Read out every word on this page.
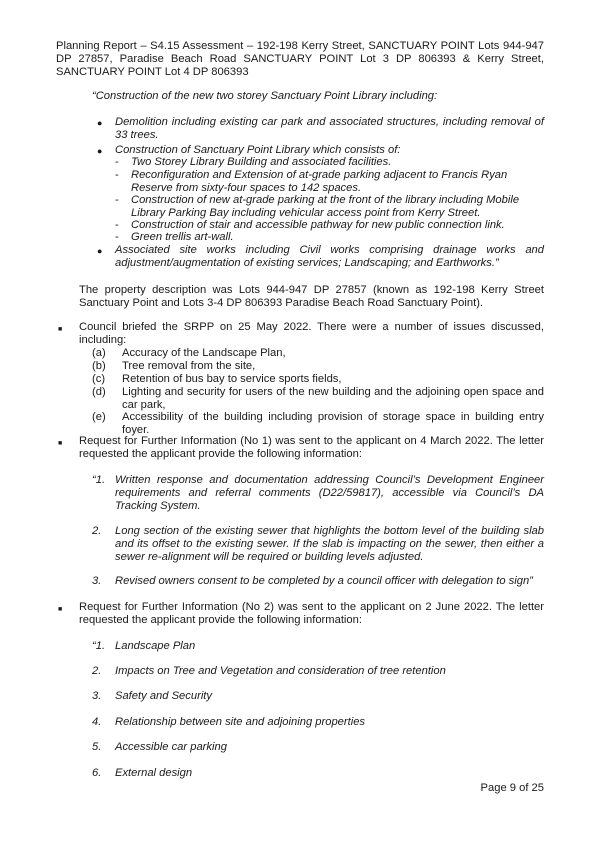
Planning Report – S4.15 Assessment – 192-198 Kerry Street, SANCTUARY POINT Lots 944-947
DP 27857, Paradise Beach Road SANCTUARY POINT Lot 3 DP 806393 & Kerry Street,
SANCTUARY POINT Lot 4 DP 806393
“Construction of the new two storey Sanctuary Point Library including:
● Demolition including existing car park and associated structures, including removal of 33 trees.
● Construction of Sanctuary Point Library which consists of:
- Two Storey Library Building and associated facilities.
- Reconfiguration and Extension of at-grade parking adjacent to Francis Ryan Reserve from sixty-four spaces to 142 spaces.
- Construction of new at-grade parking at the front of the library including Mobile Library Parking Bay including vehicular access point from Kerry Street.
- Construction of stair and accessible pathway for new public connection link.
- Green trellis art-wall.
● Associated site works including Civil works comprising drainage works and adjustment/augmentation of existing services; Landscaping; and Earthworks.”
The property description was Lots 944-947 DP 27857 (known as 192-198 Kerry Street Sanctuary Point and Lots 3-4 DP 806393 Paradise Beach Road Sanctuary Point).
■ Council briefed the SRPP on 25 May 2022. There were a number of issues discussed, including:
(a) Accuracy of the Landscape Plan,
(b) Tree removal from the site,
(c) Retention of bus bay to service sports fields,
(d) Lighting and security for users of the new building and the adjoining open space and car park,
(e) Accessibility of the building including provision of storage space in building entry foyer.
■ Request for Further Information (No 1) was sent to the applicant on 4 March 2022. The letter requested the applicant provide the following information:
“1. Written response and documentation addressing Council’s Development Engineer requirements and referral comments (D22/59817), accessible via Council’s DA Tracking System.
2. Long section of the existing sewer that highlights the bottom level of the building slab and its offset to the existing sewer. If the slab is impacting on the sewer, then either a sewer re-alignment will be required or building levels adjusted.
3. Revised owners consent to be completed by a council officer with delegation to sign”
■ Request for Further Information (No 2) was sent to the applicant on 2 June 2022. The letter requested the applicant provide the following information:
“1. Landscape Plan
2. Impacts on Tree and Vegetation and consideration of tree retention
3. Safety and Security
4. Relationship between site and adjoining properties
5. Accessible car parking
6. External design
Page 9 of 25
